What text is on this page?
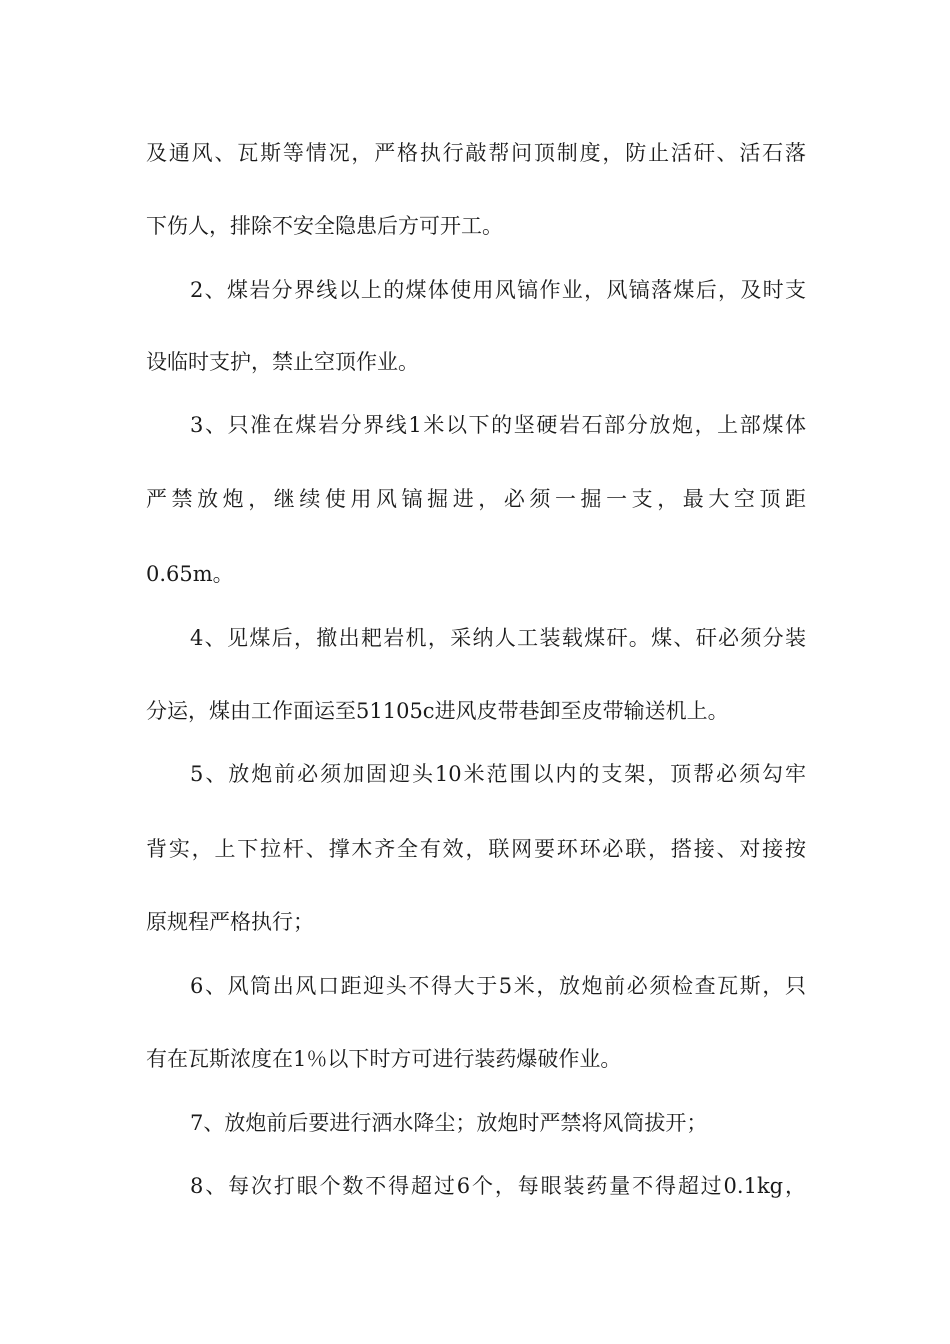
及通风、瓦斯等情况，严格执行敲帮问顶制度，防止活矸、活石落
下伤人，排除不安全隐患后方可开工。
2、煤岩分界线以上的煤体使用风镐作业，风镐落煤后，及时支
设临时支护，禁止空顶作业。
3、只准在煤岩分界线1米以下的坚硬岩石部分放炮，上部煤体
严禁放炮，继续使用风镐掘进，必须一掘一支，最大空顶距
0.65m。
4、见煤后，撤出耙岩机，采纳人工装载煤矸。煤、矸必须分装
分运，煤由工作面运至51105c进风皮带巷卸至皮带输送机上。
5、放炮前必须加固迎头10米范围以内的支架，顶帮必须勾牢
背实，上下拉杆、撑木齐全有效，联网要环环必联，搭接、对接按
原规程严格执行；
6、风筒出风口距迎头不得大于5米，放炮前必须检查瓦斯，只
有在瓦斯浓度在1％以下时方可进行装药爆破作业。
7、放炮前后要进行洒水降尘；放炮时严禁将风筒拔开；
8、每次打眼个数不得超过6个，每眼装药量不得超过0.1kg，
